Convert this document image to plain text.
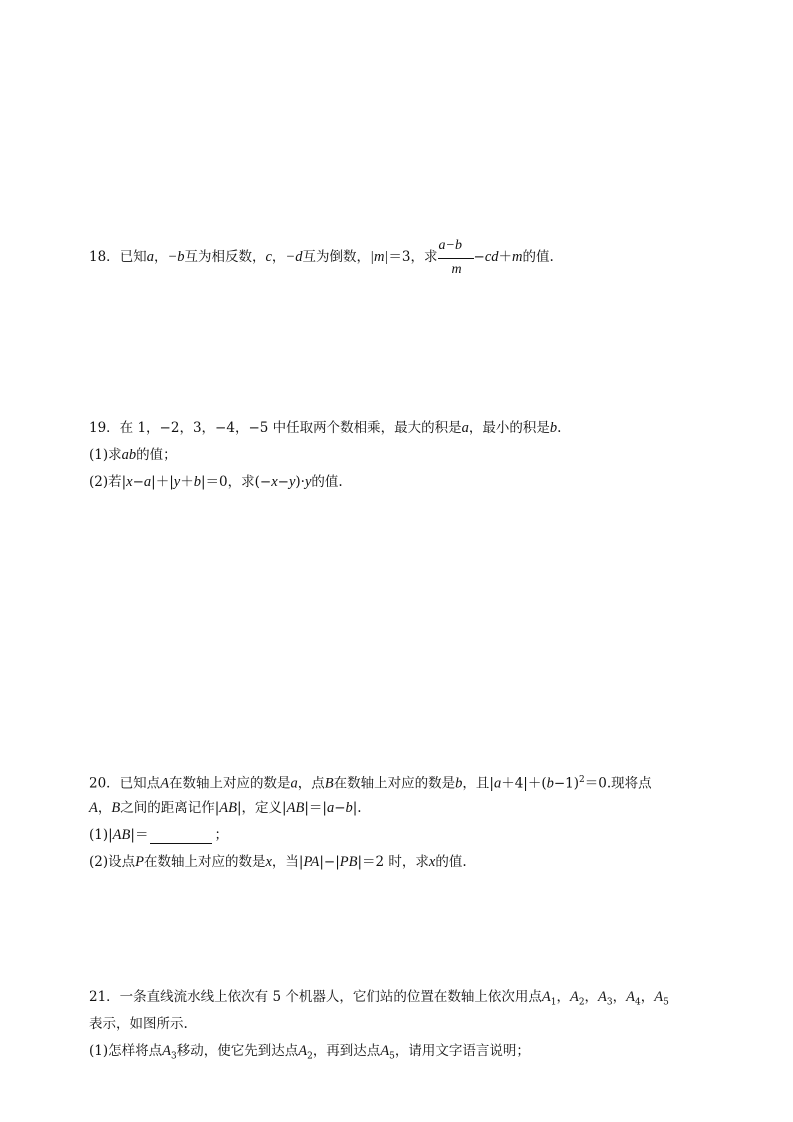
18．已知a，−b互为相反数，c，−d互为倒数，|m|＝3，求 $\frac{a-b}{m} -cd+m$的值.
19．在 1，−2，3，−4，−5 中任取两个数相乘，最大的积是a，最小的积是b.
(1)求ab的值；
(2)若|x−a|＋|y＋b|＝0，求(−x−y)·y的值.
20．已知点A在数轴上对应的数是a，点B在数轴上对应的数是b，且$|a+4|+(b-1)^2=0$.现将点
A，B之间的距离记作|AB|，定义|AB|＝|a−b|.
(1)|AB|＝	；
(2)设点P在数轴上对应的数是x，当|PA|−|PB|＝2 时，求x的值.
21．一条直线流水线上依次有 5 个机器人，它们站的位置在数轴上依次用点$A_1$，$A_2$，$A_3$，$A_4$，$A_5$
表示，如图所示.
(1)怎样将点$A_3$移动，使它先到达点$A_2$，再到达点$A_5$，请用文字语言说明；
